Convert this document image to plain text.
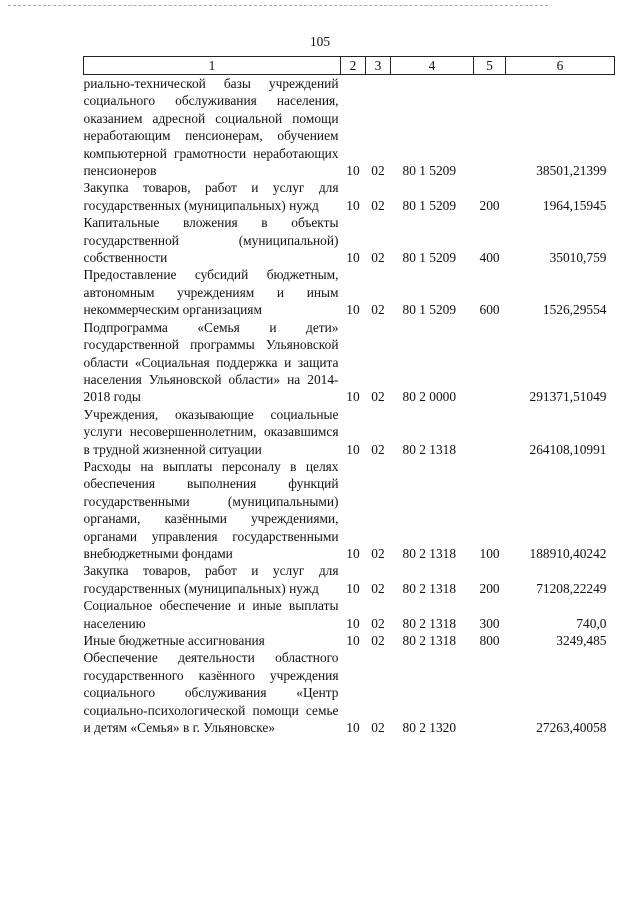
105
1	2	3	4	5	6
риально-технической базы учреждений социального обслуживания населения, оказанием адресной социальной помощи неработающим пенсионерам, обучением компьютерной грамотности неработающих пенсионеров	10	02	80 1 5209		38501,21399
Закупка товаров, работ и услуг для государственных (муниципальных) нужд	10	02	80 1 5209	200	1964,15945
Капитальные вложения в объекты государственной (муниципальной) собственности	10	02	80 1 5209	400	35010,759
Предоставление субсидий бюджетным, автономным учреждениям и иным некоммерческим организациям	10	02	80 1 5209	600	1526,29554
Подпрограмма «Семья и дети» государственной программы Ульяновской области «Социальная поддержка и защита населения Ульяновской области» на 2014-2018 годы	10	02	80 2 0000		291371,51049
Учреждения, оказывающие социальные услуги несовершеннолетним, оказавшимся в трудной жизненной ситуации	10	02	80 2 1318		264108,10991
Расходы на выплаты персоналу в целях обеспечения выполнения функций государственными (муниципальными) органами, казёнными учреждениями, органами управления государственными внебюджетными фондами	10	02	80 2 1318	100	188910,40242
Закупка товаров, работ и услуг для государственных (муниципальных) нужд	10	02	80 2 1318	200	71208,22249
Социальное обеспечение и иные выплаты населению	10	02	80 2 1318	300	740,0
Иные бюджетные ассигнования	10	02	80 2 1318	800	3249,485
Обеспечение деятельности областного государственного казённого учреждения социального обслуживания «Центр социально-психологической помощи семье и детям «Семья» в г. Ульяновске»	10	02	80 2 1320		27263,40058
